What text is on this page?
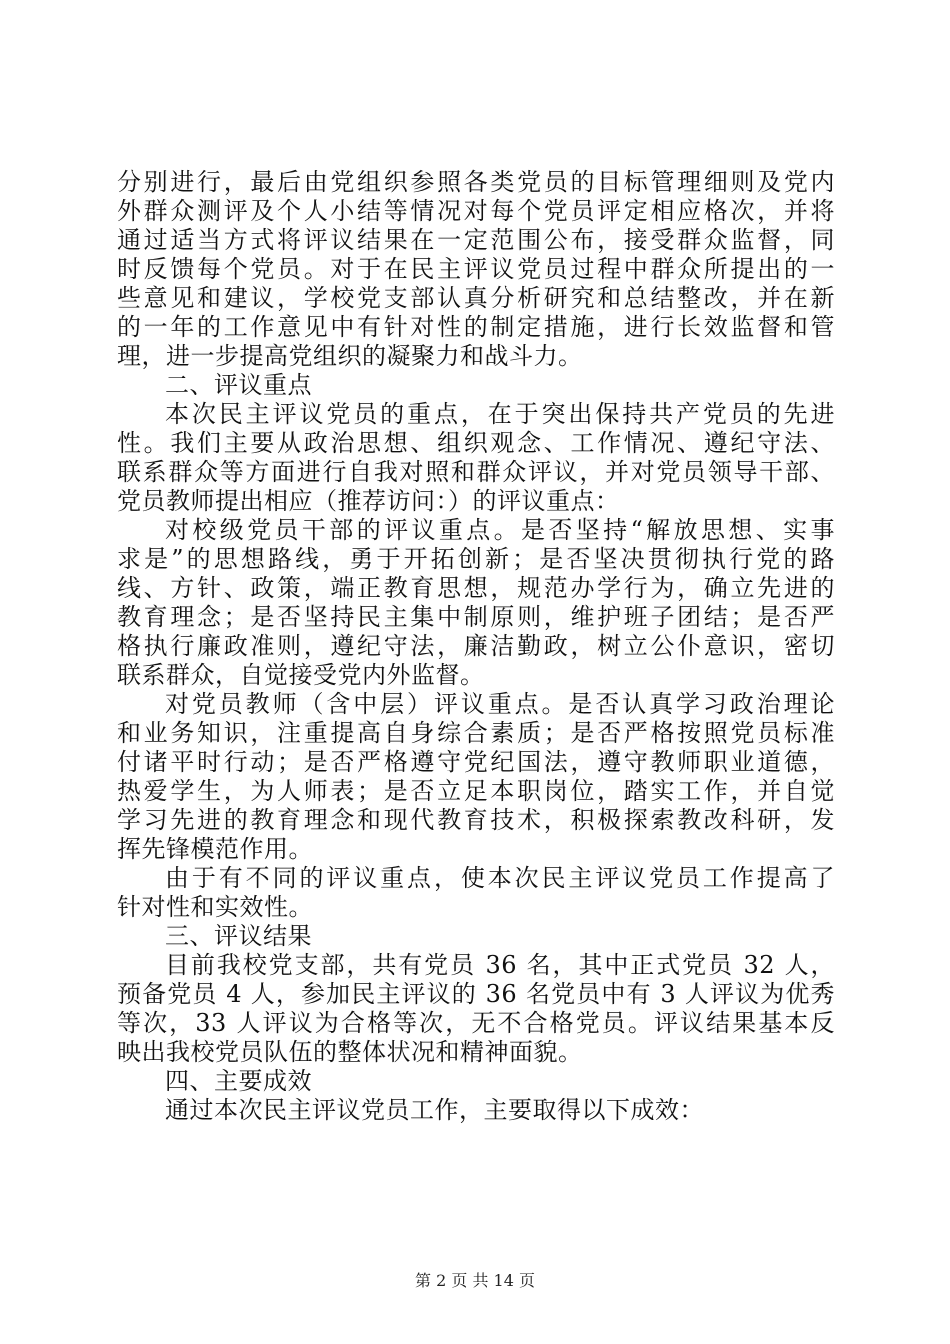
分别进行，最后由党组织参照各类党员的目标管理细则及党内
外群众测评及个人小结等情况对每个党员评定相应格次，并将
通过适当方式将评议结果在一定范围公布，接受群众监督，同
时反馈每个党员。对于在民主评议党员过程中群众所提出的一
些意见和建议，学校党支部认真分析研究和总结整改，并在新
的一年的工作意见中有针对性的制定措施，进行长效监督和管
理，进一步提高党组织的凝聚力和战斗力。
二、评议重点
本次民主评议党员的重点，在于突出保持共产党员的先进
性。我们主要从政治思想、组织观念、工作情况、遵纪守法、
联系群众等方面进行自我对照和群众评议，并对党员领导干部、
党员教师提出相应（推荐访问：）的评议重点：
对校级党员干部的评议重点。是否坚持“解放思想、实事
求是”的思想路线，勇于开拓创新；是否坚决贯彻执行党的路
线、方针、政策，端正教育思想，规范办学行为，确立先进的
教育理念；是否坚持民主集中制原则，维护班子团结；是否严
格执行廉政准则，遵纪守法，廉洁勤政，树立公仆意识，密切
联系群众，自觉接受党内外监督。
对党员教师（含中层）评议重点。是否认真学习政治理论
和业务知识，注重提高自身综合素质；是否严格按照党员标准
付诸平时行动；是否严格遵守党纪国法，遵守教师职业道德，
热爱学生，为人师表；是否立足本职岗位，踏实工作，并自觉
学习先进的教育理念和现代教育技术，积极探索教改科研，发
挥先锋模范作用。
由于有不同的评议重点，使本次民主评议党员工作提高了
针对性和实效性。
三、评议结果
目前我校党支部，共有党员 36 名，其中正式党员 32 人，
预备党员 4 人，参加民主评议的 36 名党员中有 3 人评议为优秀
等次，33 人评议为合格等次，无不合格党员。评议结果基本反
映出我校党员队伍的整体状况和精神面貌。
四、主要成效
通过本次民主评议党员工作，主要取得以下成效：
第 2 页 共 14 页
